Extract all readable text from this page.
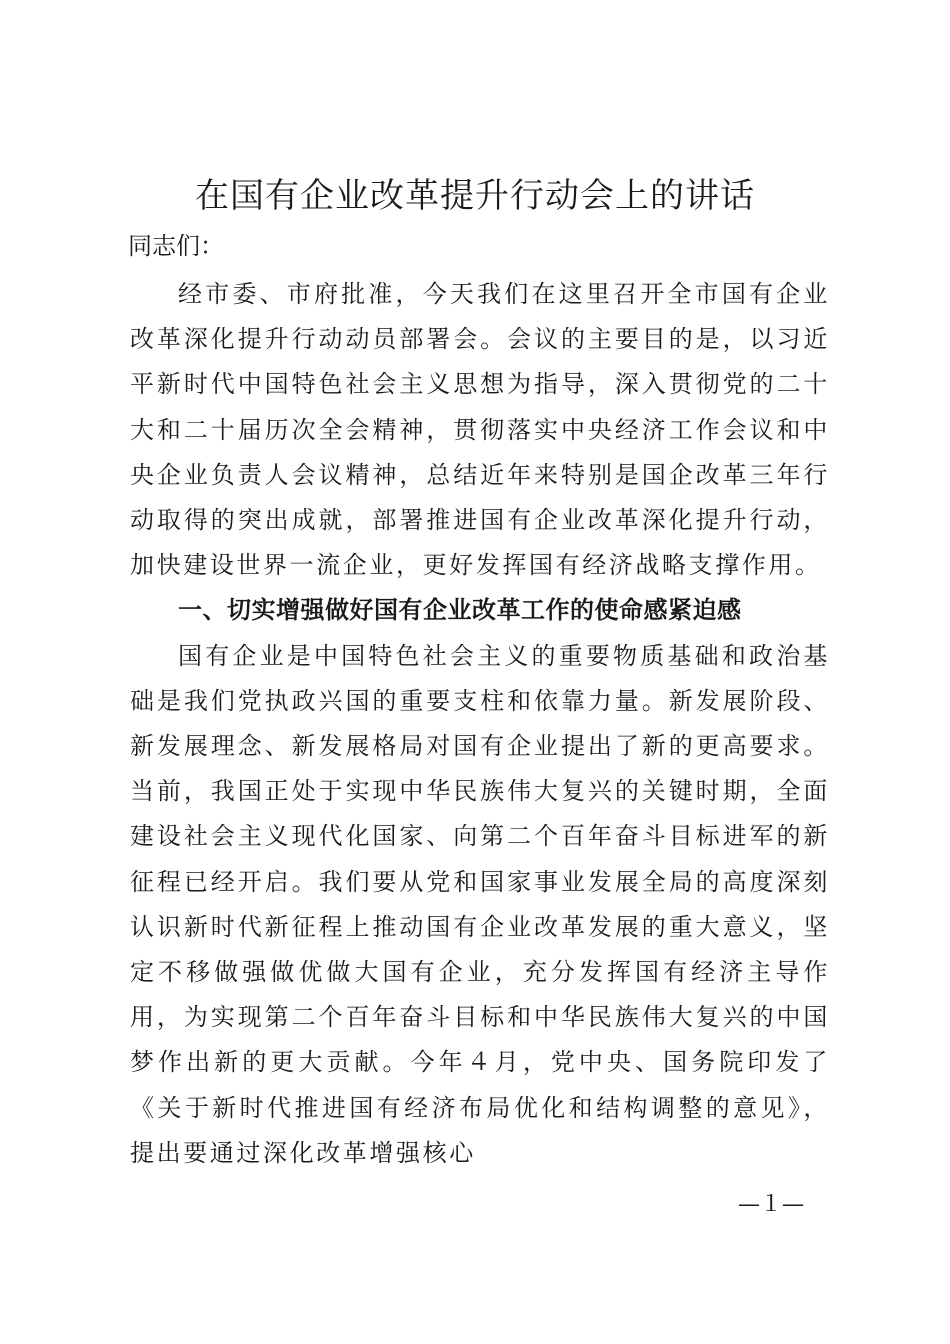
在国有企业改革提升行动会上的讲话

同志们：

经市委、市府批准，今天我们在这里召开全市国有企业改革深化提升行动动员部署会。会议的主要目的是，以习近平新时代中国特色社会主义思想为指导，深入贯彻党的二十大和二十届历次全会精神，贯彻落实中央经济工作会议和中央企业负责人会议精神，总结近年来特别是国企改革三年行动取得的突出成就，部署推进国有企业改革深化提升行动，加快建设世界一流企业，更好发挥国有经济战略支撑作用。

一、切实增强做好国有企业改革工作的使命感紧迫感

国有企业是中国特色社会主义的重要物质基础和政治基础是我们党执政兴国的重要支柱和依靠力量。新发展阶段、新发展理念、新发展格局对国有企业提出了新的更高要求。当前，我国正处于实现中华民族伟大复兴的关键时期，全面建设社会主义现代化国家、向第二个百年奋斗目标进军的新征程已经开启。我们要从党和国家事业发展全局的高度深刻认识新时代新征程上推动国有企业改革发展的重大意义，坚定不移做强做优做大国有企业，充分发挥国有经济主导作用，为实现第二个百年奋斗目标和中华民族伟大复兴的中国梦作出新的更大贡献。今年４月，党中央、国务院印发了《关于新时代推进国有经济布局优化和结构调整的意见》，提出要通过深化改革增强核心

—１—
